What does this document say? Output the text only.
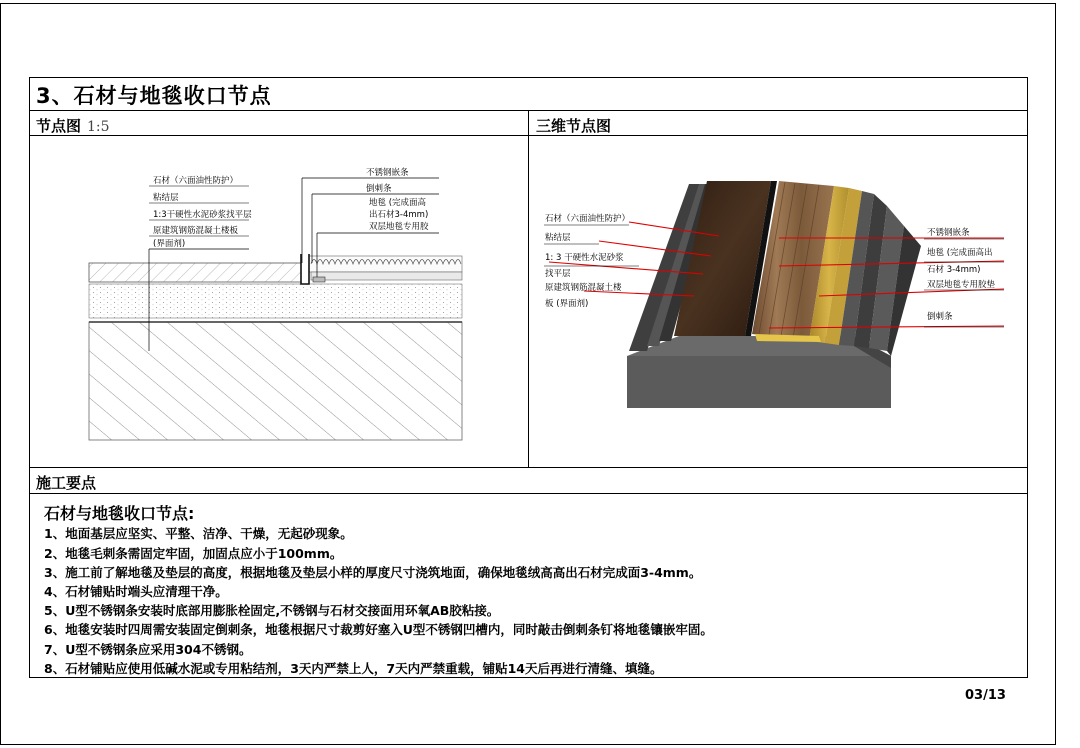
3、石材与地毯收口节点
节点图 1:5	三维节点图
石材（六面油性防护）
粘结层
1:3干硬性水泥砂浆找平层
原建筑钢筋混凝土楼板
(界面剂)
不锈钢嵌条
倒刺条
地毯 (完成面高
出石材3-4mm)
双层地毯专用胶
石材（六面油性防护）
粘结层
1: 3 干硬性水泥砂浆
找平层
原建筑钢筋混凝土楼
板 (界面剂)
不锈钢嵌条
地毯 (完成面高出
石材 3-4mm)
双层地毯专用胶垫
倒刺条
施工要点
石材与地毯收口节点:
1、地面基层应坚实、平整、洁净、干燥，无起砂现象。
2、地毯毛刺条需固定牢固，加固点应小于100mm。
3、施工前了解地毯及垫层的高度，根据地毯及垫层小样的厚度尺寸浇筑地面，确保地毯绒高高出石材完成面3-4mm。
4、石材铺贴时端头应清理干净。
5、U型不锈钢条安装时底部用膨胀栓固定,不锈钢与石材交接面用环氧AB胶粘接。
6、地毯安装时四周需安装固定倒刺条，地毯根据尺寸裁剪好塞入U型不锈钢凹槽内，同时敲击倒刺条钉将地毯镶嵌牢固。
7、U型不锈钢条应采用304不锈钢。
8、石材铺贴应使用低碱水泥或专用粘结剂，3天内严禁上人，7天内严禁重载，铺贴14天后再进行清缝、填缝。
03/13
